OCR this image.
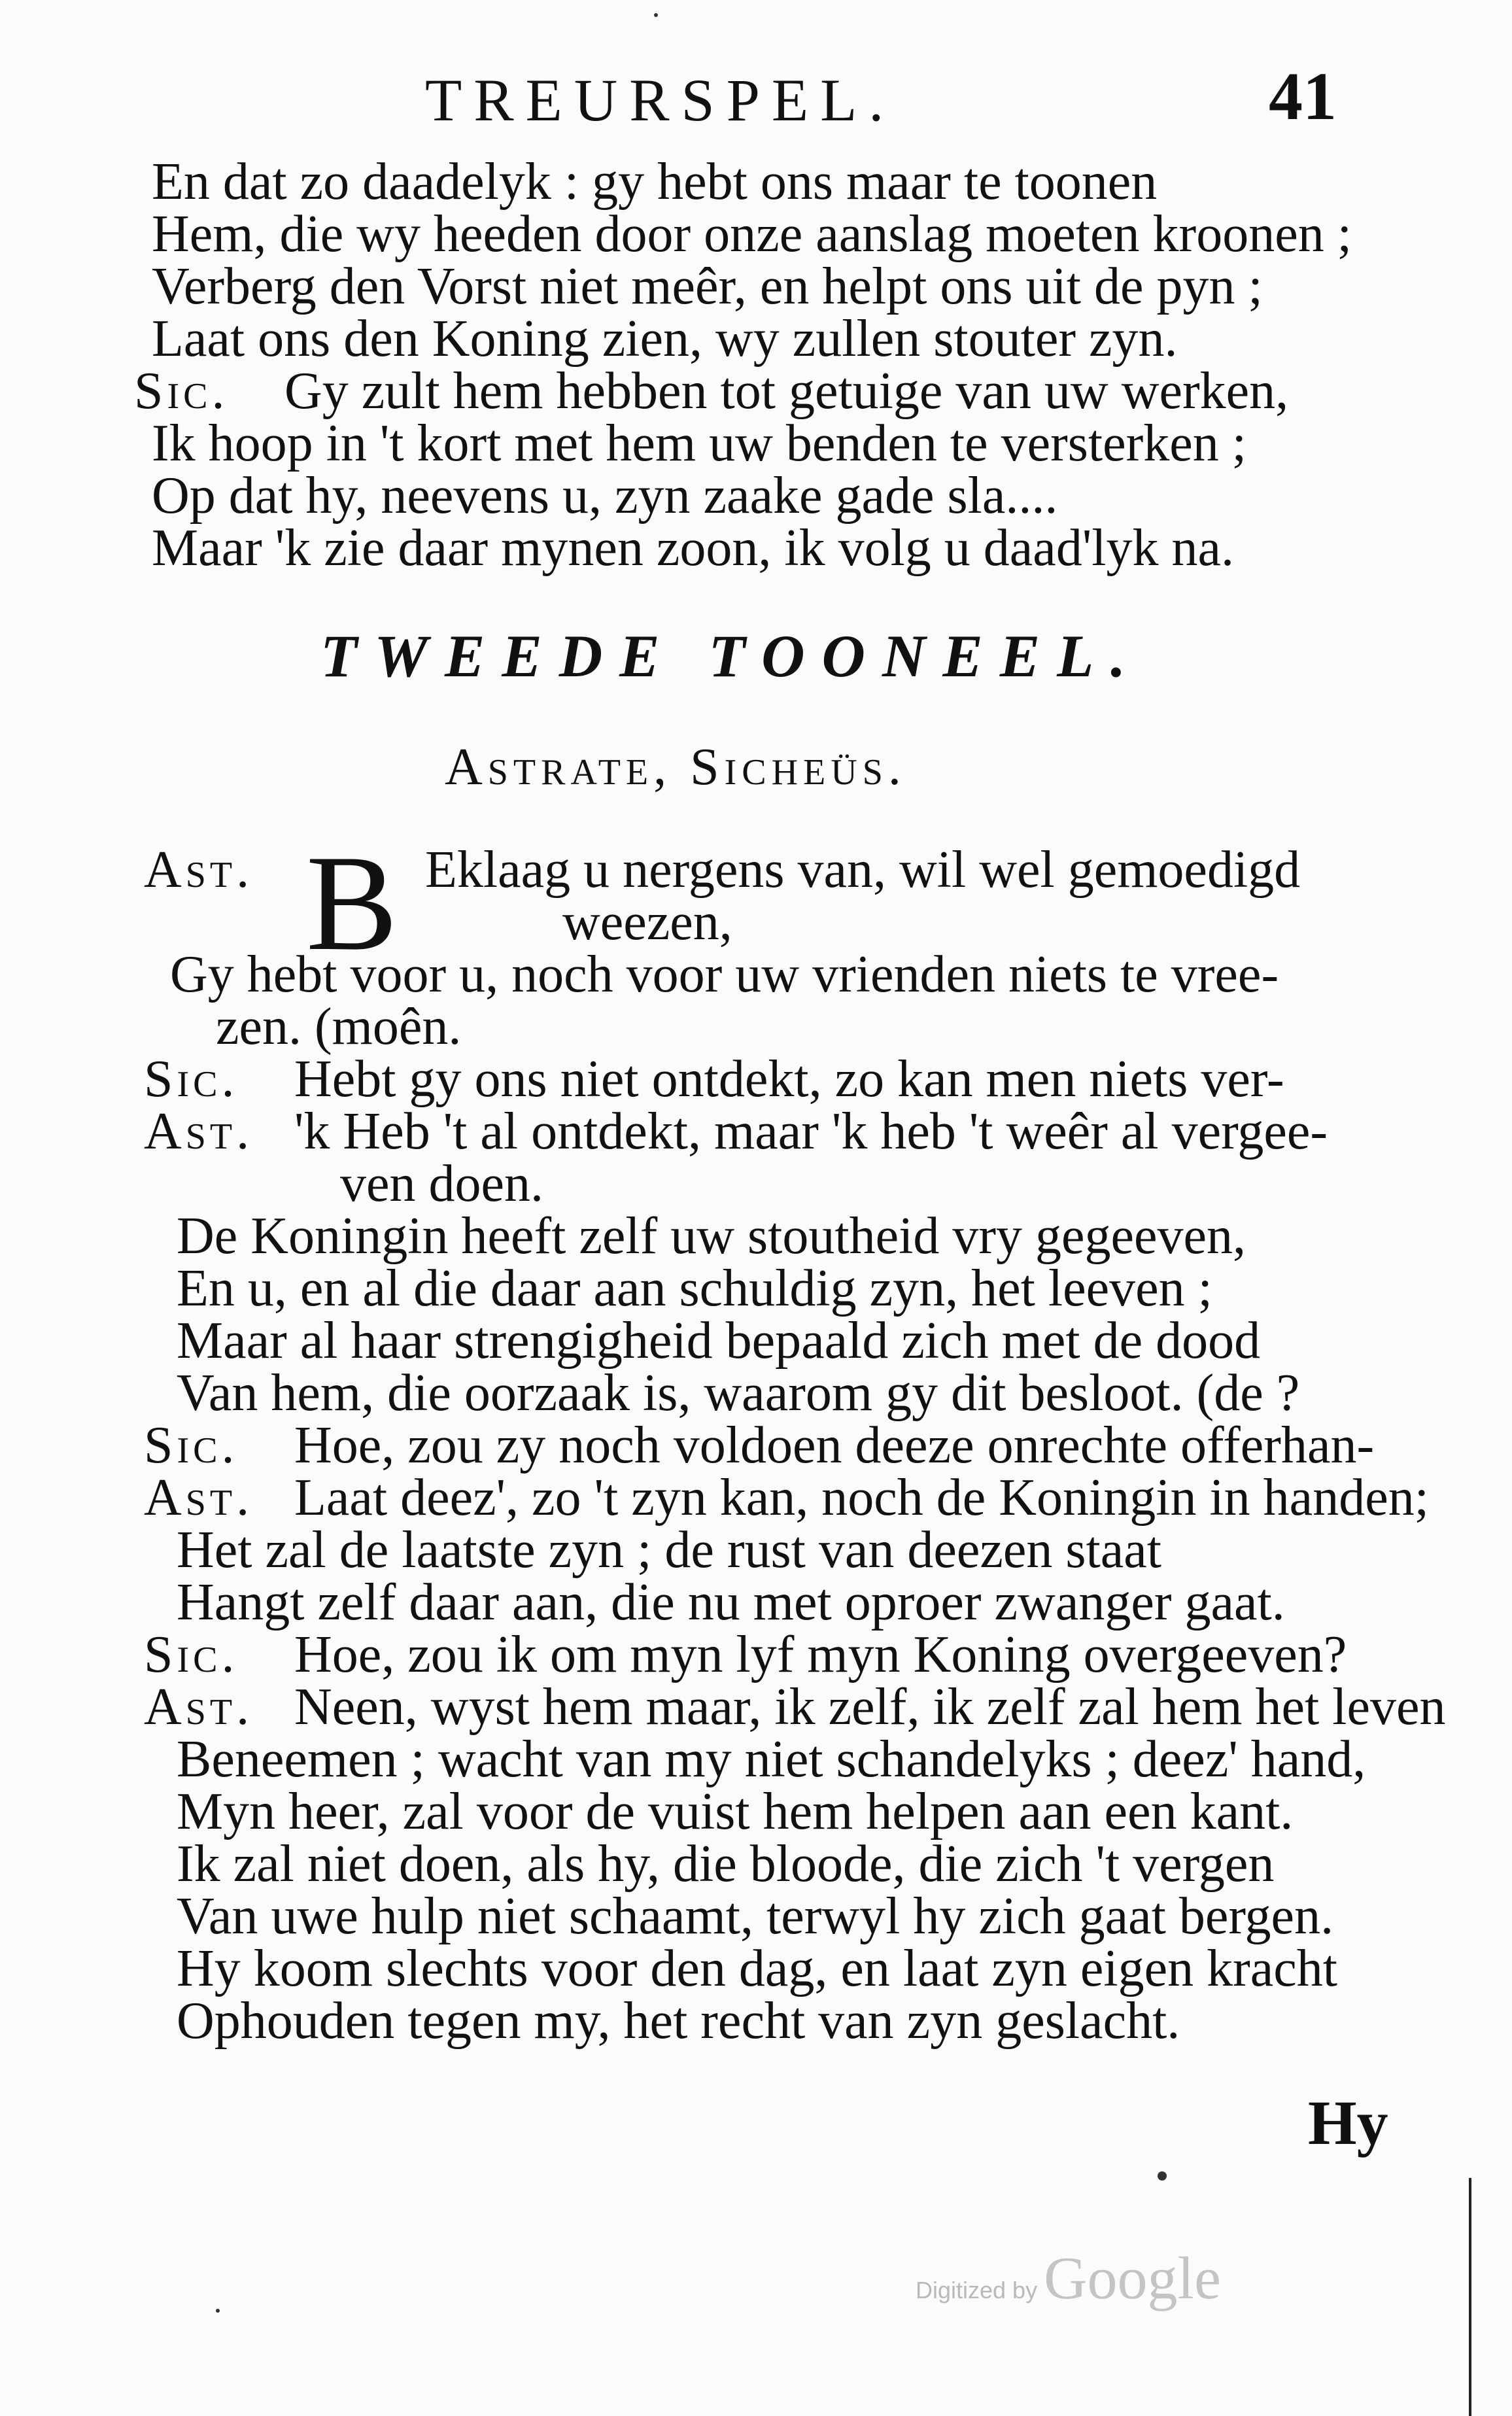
TREURSPEL.	41
En dat zo daadelyk : gy hebt ons maar te toonen
Hem, die wy heeden door onze aanslag moeten kroonen ;
Verberg den Vorst niet meêr, en helpt ons uit de pyn ;
Laat ons den Koning zien, wy zullen stouter zyn.
Sic. Gy zult hem hebben tot getuige van uw werken,
Ik hoop in 't kort met hem uw benden te versterken ;
Op dat hy, neevens u, zyn zaake gade sla....
Maar 'k zie daar mynen zoon, ik volg u daad'lyk na.
TWEEDE TOONEEL.
Astrate, Sicheüs.
B
Ast.	Eklaag u nergens van, wil wel gemoedigd
weezen,
Gy hebt voor u, noch voor uw vrienden niets te vree-
zen. (moên.
Sic. Hebt gy ons niet ontdekt, zo kan men niets ver-
Ast. 'k Heb 't al ontdekt, maar 'k heb 't weêr al vergee-
ven doen.
De Koningin heeft zelf uw stoutheid vry gegeeven,
En u, en al die daar aan schuldig zyn, het leeven ;
Maar al haar strengigheid bepaald zich met de dood
Van hem, die oorzaak is, waarom gy dit besloot. (de ?
Sic. Hoe, zou zy noch voldoen deeze onrechte offerhan-
Ast. Laat deez', zo 't zyn kan, noch de Koningin in handen;
Het zal de laatste zyn ; de rust van deezen staat
Hangt zelf daar aan, die nu met oproer zwanger gaat.
Sic. Hoe, zou ik om myn lyf myn Koning overgeeven?
Ast. Neen, wyst hem maar, ik zelf, ik zelf zal hem het leven
Beneemen ; wacht van my niet schandelyks ; deez' hand,
Myn heer, zal voor de vuist hem helpen aan een kant.
Ik zal niet doen, als hy, die bloode, die zich 't vergen
Van uwe hulp niet schaamt, terwyl hy zich gaat bergen.
Hy koom slechts voor den dag, en laat zyn eigen kracht
Ophouden tegen my, het recht van zyn geslacht.
Hy
Digitized by Google
